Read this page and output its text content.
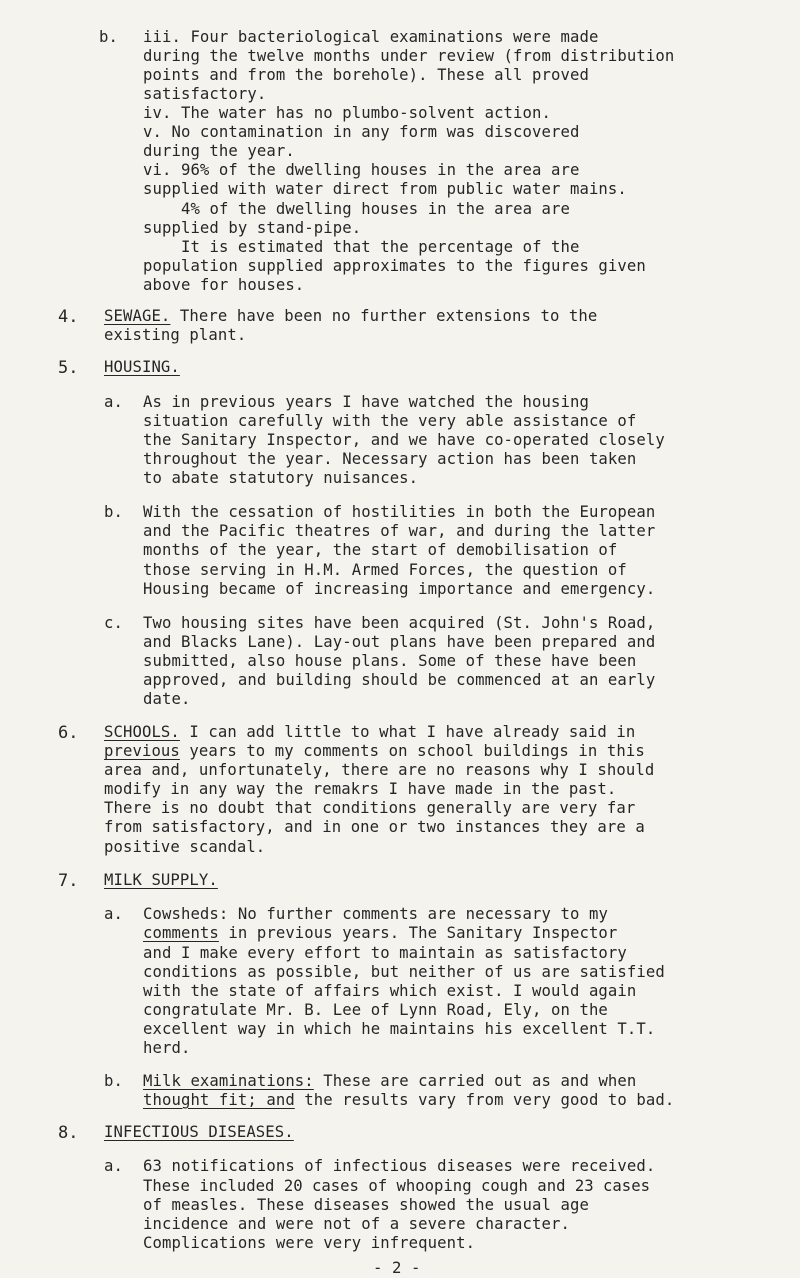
b. iii. Four bacteriological examinations were made
during the twelve months under review (from distribution
points and from the borehole). These all proved
satisfactory.
iv. The water has no plumbo-solvent action.
v. No contamination in any form was discovered
during the year.
vi. 96% of the dwelling houses in the area are
supplied with water direct from public water mains.
4% of the dwelling houses in the area are
supplied by stand-pipe.
It is estimated that the percentage of the
population supplied approximates to the figures given
above for houses.
4. SEWAGE. There have been no further extensions to the
existing plant.
5. HOUSING.
a. As in previous years I have watched the housing
situation carefully with the very able assistance of
the Sanitary Inspector, and we have co-operated closely
throughout the year. Necessary action has been taken
to abate statutory nuisances.
b. With the cessation of hostilities in both the European
and the Pacific theatres of war, and during the latter
months of the year, the start of demobilisation of
those serving in H.M. Armed Forces, the question of
Housing became of increasing importance and emergency.
c. Two housing sites have been acquired (St. John's Road,
and Blacks Lane). Lay-out plans have been prepared and
submitted, also house plans. Some of these have been
approved, and building should be commenced at an early
date.
6. SCHOOLS. I can add little to what I have already said in
previous years to my comments on school buildings in this
area and, unfortunately, there are no reasons why I should
modify in any way the remakrs I have made in the past.
There is no doubt that conditions generally are very far
from satisfactory, and in one or two instances they are a
positive scandal.
7. MILK SUPPLY.
a. Cowsheds: No further comments are necessary to my
comments in previous years. The Sanitary Inspector
and I make every effort to maintain as satisfactory
conditions as possible, but neither of us are satisfied
with the state of affairs which exist. I would again
congratulate Mr. B. Lee of Lynn Road, Ely, on the
excellent way in which he maintains his excellent T.T.
herd.
b. Milk examinations: These are carried out as and when
thought fit; and the results vary from very good to bad.
8. INFECTIOUS DISEASES.
a. 63 notifications of infectious diseases were received.
of measles. These diseases showed the usual age
incidence and were not of a severe character.
Complications were very infrequent.
- 2 -
These included 20 cases of whooping cough and 23 cases
